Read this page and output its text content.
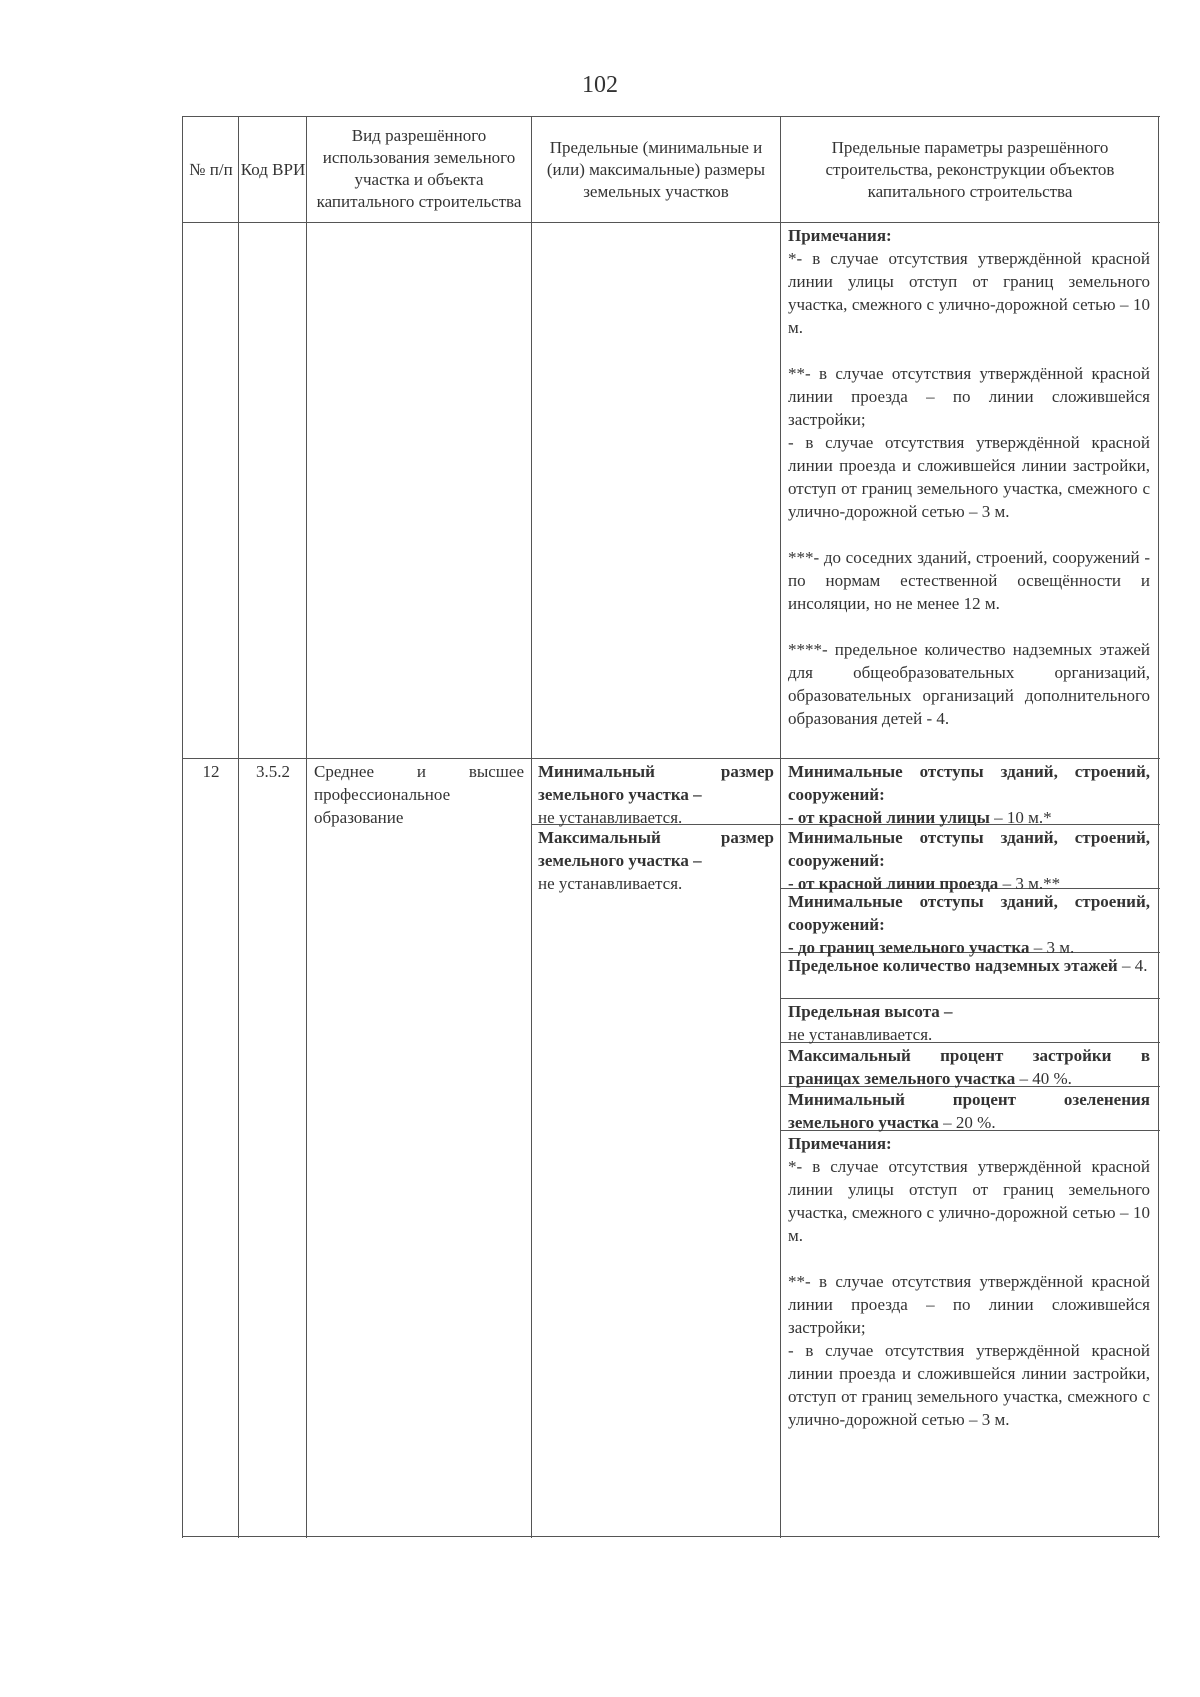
102
№ п/п Код ВРИ
Вид разрешённого использования земельного участка и объекта капитального строительства
Предельные (минимальные и (или) максимальные) размеры земельных участков
Предельные параметры разрешённого строительства, реконструкции объектов капитального строительства

Примечания:

*- в случае отсутствия утверждённой красной линии улицы отступ от границ земельного участка, смежного с улично-дорожной сетью – 10 м.

**- в случае отсутствия утверждённой красной линии проезда – по линии сложившейся застройки;

- в случае отсутствия утверждённой красной линии проезда и сложившейся линии застройки, отступ от границ земельного участка, смежного с улично-дорожной сетью – 3 м.

***- до соседних зданий, строений, сооружений - по нормам естественной освещённости и инсоляции, но не менее 12 м.

****- предельное количество надземных этажей для общеобразовательных организаций, образовательных организаций дополнительного образования детей - 4.

12	3.5.2	Среднее и высшее профессиональное образование

Минимальный размер земельного участка –

не устанавливается.

Максимальный размер земельного участка –

не устанавливается.

Минимальные отступы зданий, строений, сооружений:

- от красной линии улицы – 10 м.*

Минимальные отступы зданий, строений, сооружений:

- от красной линии проезда – 3 м.**

Минимальные отступы зданий, строений, сооружений:

- до границ земельного участка – 3 м.

Предельное количество надземных этажей – 4.

Предельная высота –

не устанавливается.

Максимальный процент застройки в границах земельного участка – 40 %.
Минимальный процент озеленения земельного участка – 20 %.

Примечания:

*- в случае отсутствия утверждённой красной линии улицы отступ от границ земельного участка, смежного с улично-дорожной сетью – 10 м.

**- в случае отсутствия утверждённой красной линии проезда – по линии сложившейся застройки;

- в случае отсутствия утверждённой красной линии проезда и сложившейся линии застройки, отступ от границ земельного участка, смежного с улично-дорожной сетью – 3 м.
